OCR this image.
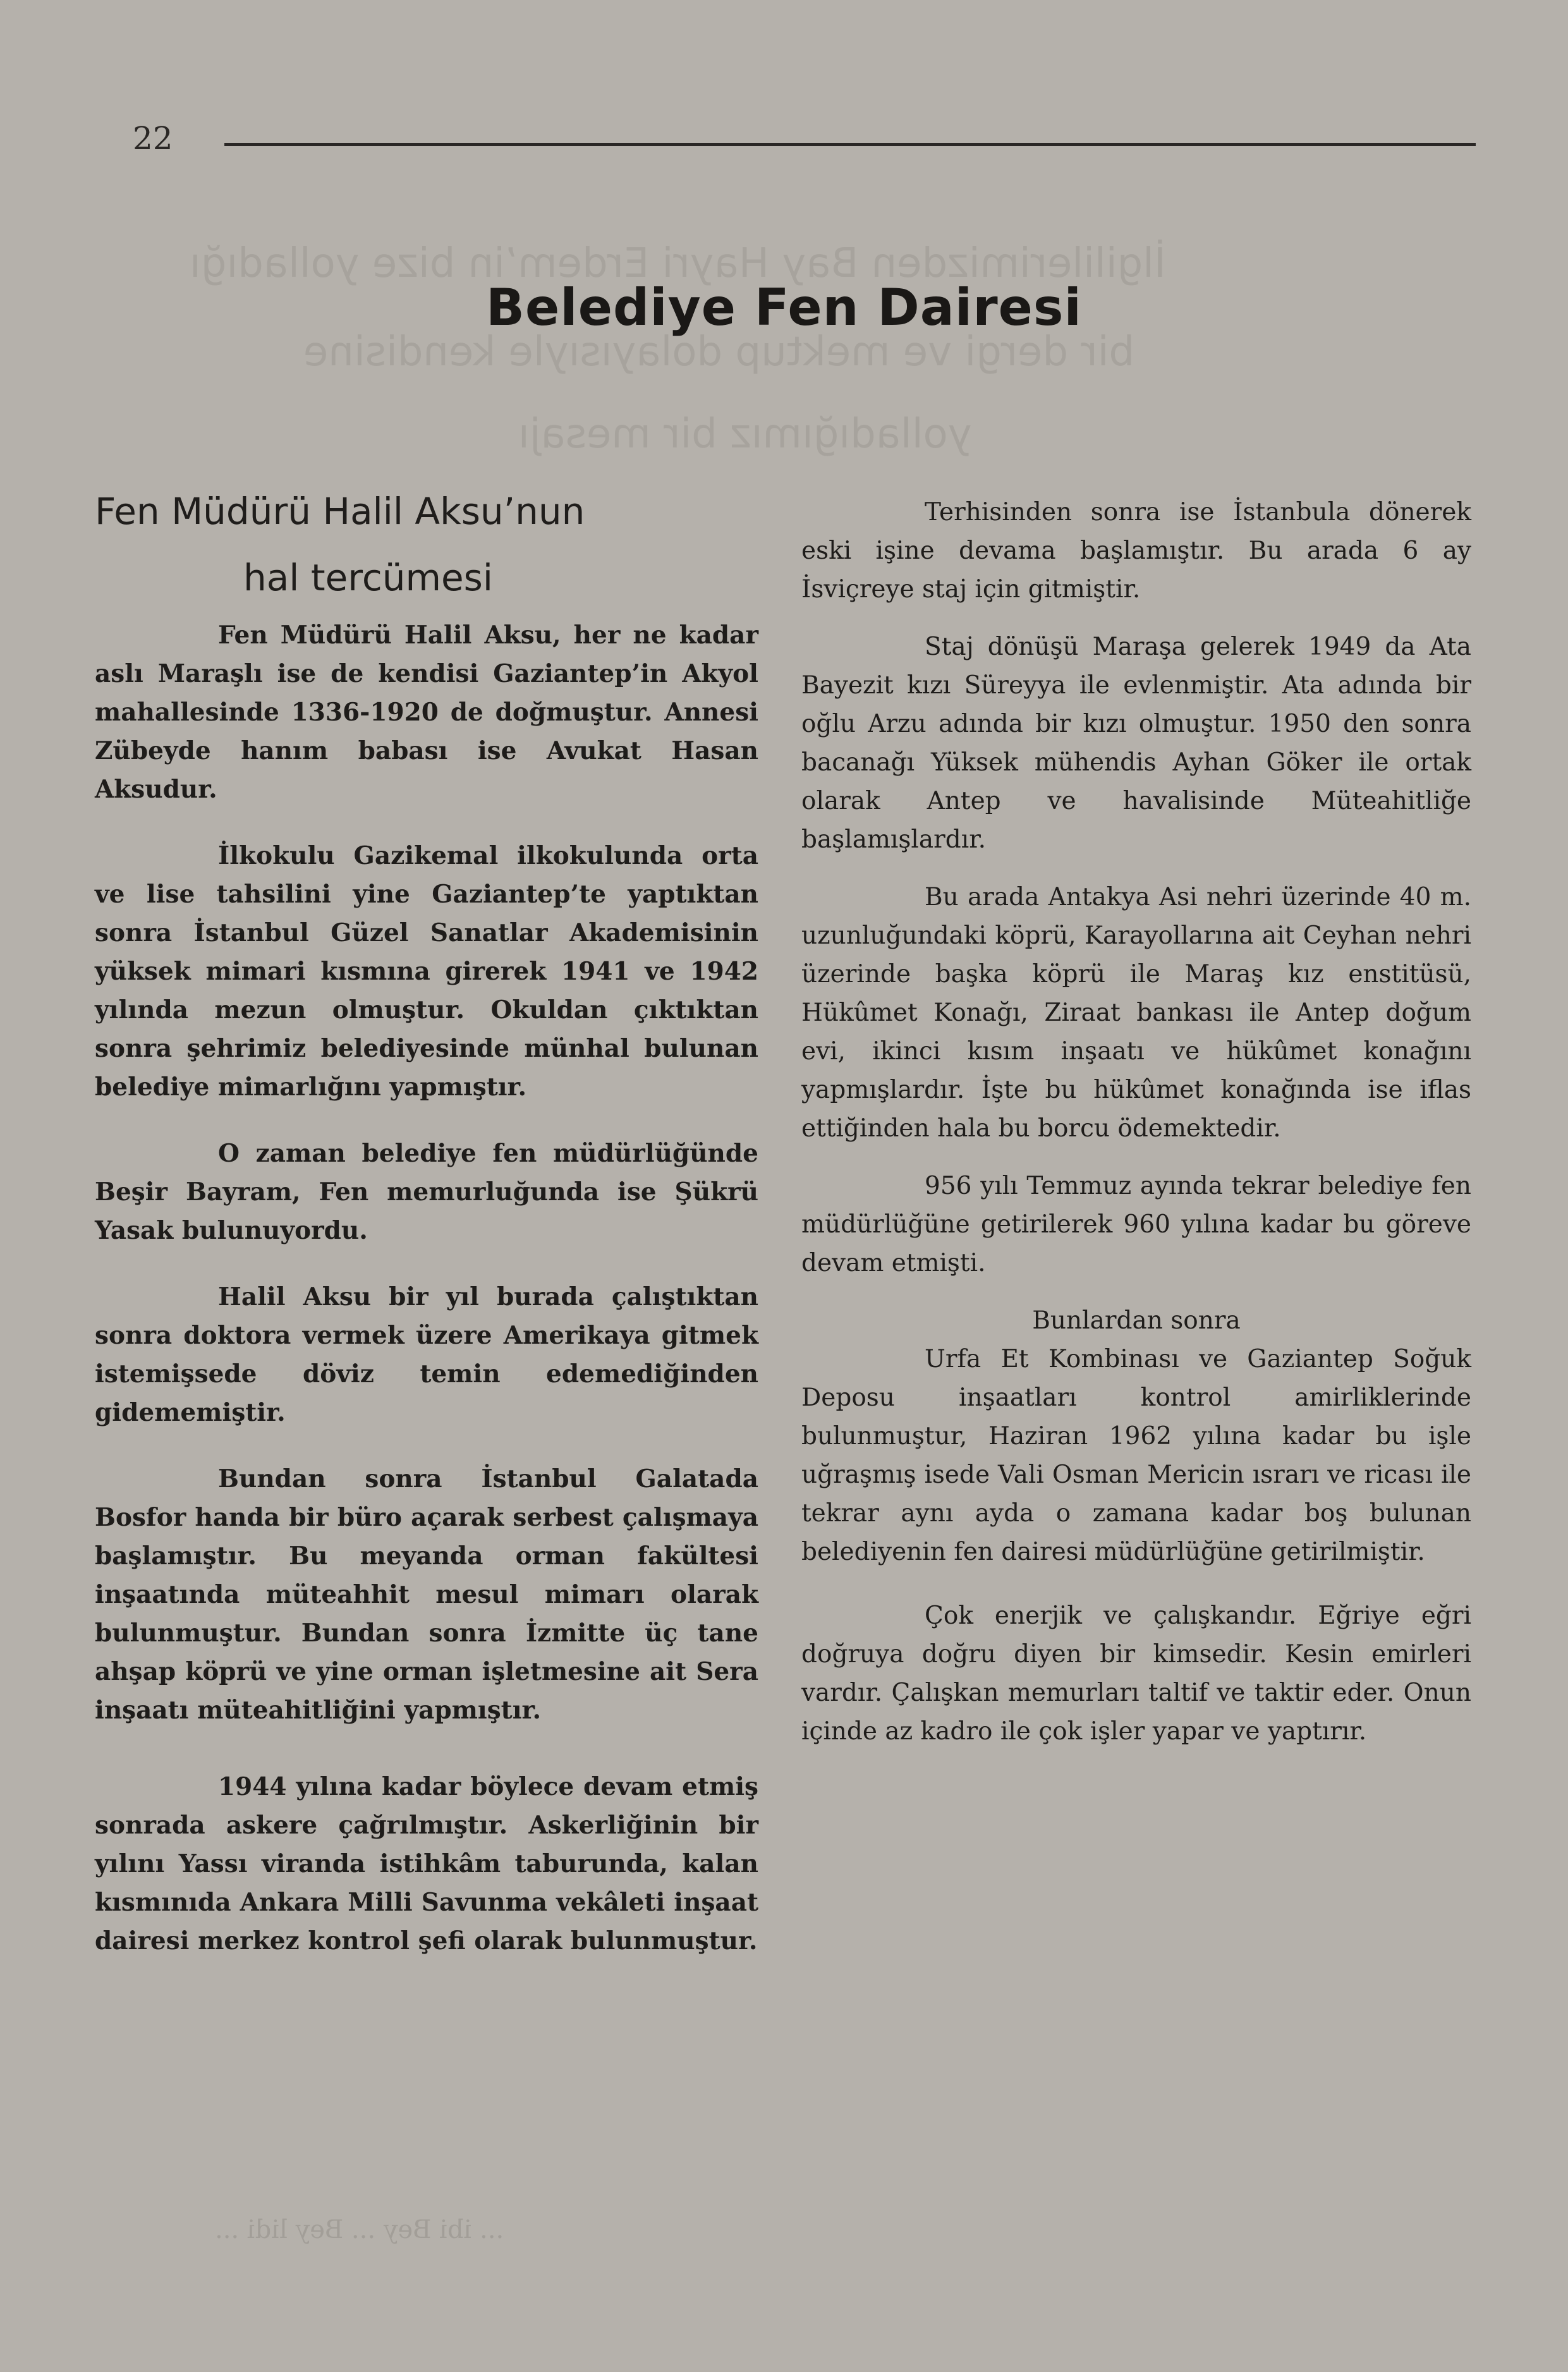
İlgililerimizden Bay Hayri Erdem’in bize yolladığı
bir dergi ve mektup dolayısıyle kendisine
yolladığımız bir mesajı
... ibi Bey ... Bey lidi ...
22
Belediye Fen Dairesi
Fen Müdürü Halil Aksu’nun
hal tercümesi

Fen Müdürü Halil Aksu, her ne kadar aslı Maraşlı ise de kendisi Gaziantep’in Akyol mahallesinde 1336-1920 de doğmuştur. Annesi Zübeyde hanım babası ise Avukat Hasan Aksudur.

İlkokulu Gazikemal ilkokulunda orta ve lise tahsilini yine Gaziantep’te yaptıktan sonra İstanbul Güzel Sanatlar Akademisinin yüksek mimari kısmına girerek 1941 ve 1942 yılında mezun olmuştur. Okuldan çıktıktan sonra şehrimiz belediyesinde münhal bulunan belediye mimarlığını yapmıştır.

O zaman belediye fen müdürlüğünde Beşir Bayram, Fen memurluğunda ise Şükrü Yasak bulunuyordu.

Halil Aksu bir yıl burada çalıştıktan sonra doktora vermek üzere Amerikaya gitmek istemişsede döviz temin edemediğinden gidememiştir.

Bundan sonra İstanbul Galatada Bosfor handa bir büro açarak serbest çalışmaya başlamıştır. Bu meyanda orman fakültesi inşaatında müteahhit mesul mimarı olarak bulunmuştur. Bundan sonra İzmitte üç tane ahşap köprü ve yine orman işletmesine ait Sera inşaatı müteahitliğini yapmıştır.

1944 yılına kadar böylece devam etmiş sonrada askere çağrılmıştır. Askerliğinin bir yılını Yassı viranda istihkâm taburunda, kalan kısmınıda Ankara Milli Savunma vekâleti inşaat dairesi merkez kontrol şefi olarak bulunmuştur.

Terhisinden sonra ise İstanbula dönerek eski işine devama başlamıştır. Bu arada 6 ay İsviçreye staj için gitmiştir.

Staj dönüşü Maraşa gelerek 1949 da Ata Bayezit kızı Süreyya ile evlenmiştir. Ata adında bir oğlu Arzu adında bir kızı olmuştur. 1950 den sonra bacanağı Yüksek mühendis Ayhan Göker ile ortak olarak Antep ve havalisinde Müteahitliğe başlamışlardır.

Bu arada Antakya Asi nehri üzerinde 40 m. uzunluğundaki köprü, Karayollarına ait Ceyhan nehri üzerinde başka köprü ile Maraş kız enstitüsü, Hükûmet Konağı, Ziraat bankası ile Antep doğum evi, ikinci kısım inşaatı ve hükûmet konağını yapmışlardır. İşte bu hükûmet konağında ise iflas ettiğinden hala bu borcu ödemektedir.

956 yılı Temmuz ayında tekrar belediye fen müdürlüğüne getirilerek 960 yılına kadar bu göreve devam etmişti.

Bunlardan sonra

Urfa Et Kombinası ve Gaziantep Soğuk Deposu inşaatları kontrol amirliklerinde bulunmuştur, Haziran 1962 yılına kadar bu işle uğraşmış isede Vali Osman Mericin ısrarı ve ricası ile tekrar aynı ayda o zamana kadar boş bulunan belediyenin fen dairesi müdürlüğüne getirilmiştir.

Çok enerjik ve çalışkandır. Eğriye eğri doğruya doğru diyen bir kimsedir. Kesin emirleri vardır. Çalışkan memurları taltif ve taktir eder. Onun içinde az kadro ile çok işler yapar ve yaptırır.
